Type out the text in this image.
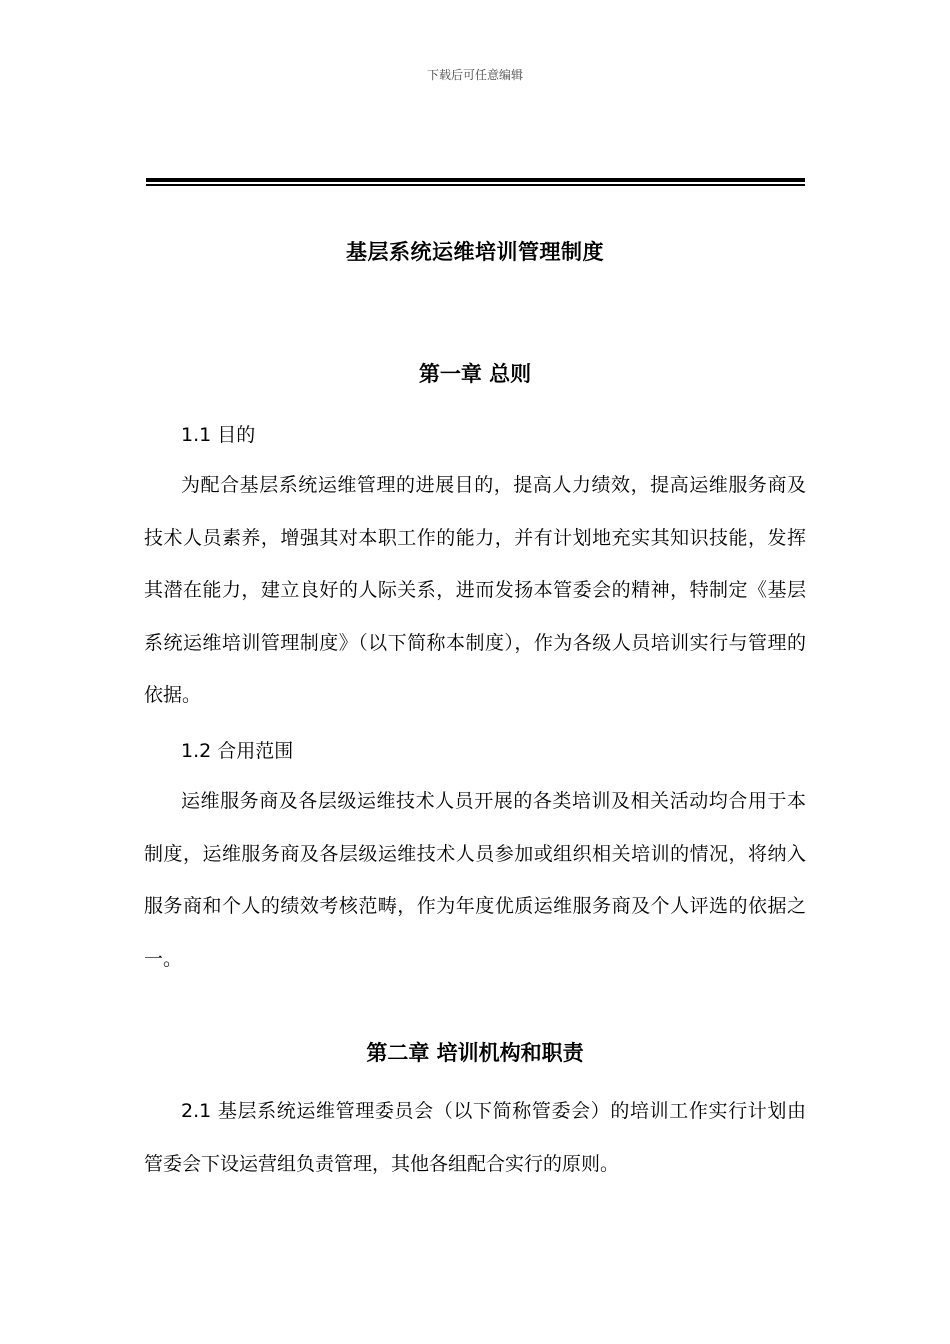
下载后可任意编辑
基层系统运维培训管理制度
第一章 总则
1.1 目的
为配合基层系统运维管理的进展目的，提高人力绩效，提高运维服务商及技术人员素养，增强其对本职工作的能力，并有计划地充实其知识技能，发挥其潜在能力，建立良好的人际关系，进而发扬本管委会的精神，特制定《基层系统运维培训管理制度》（以下简称本制度），作为各级人员培训实行与管理的依据。
1.2 合用范围
运维服务商及各层级运维技术人员开展的各类培训及相关活动均合用于本制度，运维服务商及各层级运维技术人员参加或组织相关培训的情况，将纳入服务商和个人的绩效考核范畴，作为年度优质运维服务商及个人评选的依据之一。
第二章 培训机构和职责
2.1 基层系统运维管理委员会（以下简称管委会）的培训工作实行计划由管委会下设运营组负责管理，其他各组配合实行的原则。
